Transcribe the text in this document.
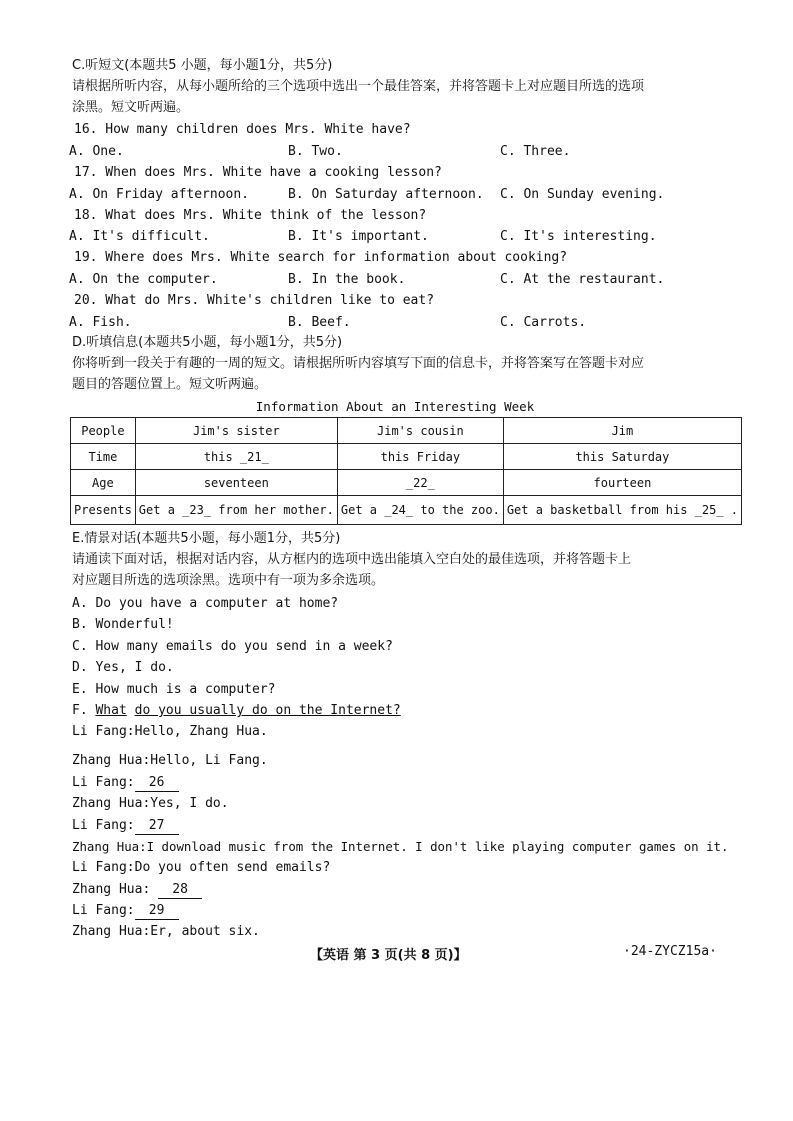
C.听短文(本题共5 小题，每小题1分，共5分)
请根据所听内容，从每小题所给的三个选项中选出一个最佳答案，并将答题卡上对应题目所选的选项
涂黑。短文听两遍。
16. How many children does Mrs. White have?
A. One.	B. Two.	C. Three.
17. When does Mrs. White have a cooking lesson?
A. On Friday afternoon.	B. On Saturday afternoon. C. On Sunday evening.
18. What does Mrs. White think of the lesson?
A. It's difficult.	B. It's important.	C. It's interesting.
19. Where does Mrs. White search for information about cooking?
A. On the computer.	B. In the book.	C. At the restaurant.
20. What do Mrs. White's children like to eat?
A. Fish.	B. Beef.	C. Carrots.
D.听填信息(本题共5小题，每小题1分，共5分)
你将听到一段关于有趣的一周的短文。请根据所听内容填写下面的信息卡，并将答案写在答题卡对应
题目的答题位置上。短文听两遍。
Information About an Interesting Week
People	Jim's sister	Jim's cousin	Jim
Time	this _21_	this Friday	this Saturday
Age	seventeen	_22_	fourteen
Presents	Get a _23_ from her mother.	Get a _24_ to the zoo.	Get a basketball from his _25_ .
E.情景对话(本题共5小题，每小题1分，共5分)
请通读下面对话，根据对话内容，从方框内的选项中选出能填入空白处的最佳选项，并将答题卡上
对应题目所选的选项涂黑。选项中有一项为多余选项。
A. Do you have a computer at home?
B. Wonderful!
C. How many emails do you send in a week?
D. Yes, I do.
E. How much is a computer?
F. What do you usually do on the Internet?
Li Fang:Hello, Zhang Hua.
Zhang Hua:Hello, Li Fang.
Li Fang: 26
Zhang Hua:Yes, I do.
Li Fang: 27
Zhang Hua:I download music from the Internet. I don't like playing computer games on it.
Li Fang:Do you often send emails?
Zhang Hua: 28
Li Fang: 29
Zhang Hua:Er, about six.
【英语 第 3 页(共 8 页)】	·24-ZYCZ15a·
